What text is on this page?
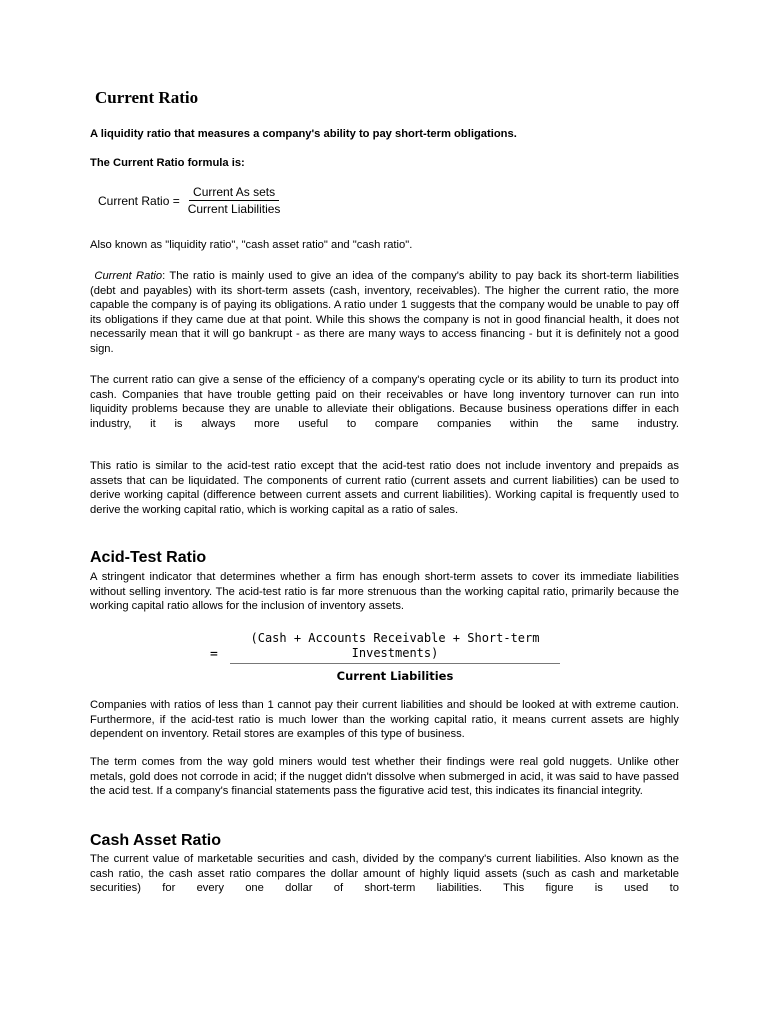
Current Ratio

A liquidity ratio that measures a company's ability to pay short-term obligations.

The Current Ratio formula is:

Current Ratio = $\frac{\text{Current As sets}}{\text{Current Liabilities}}$

Also known as "liquidity ratio", "cash asset ratio" and "cash ratio".

Current Ratio: The ratio is mainly used to give an idea of the company's ability to pay back its short-term liabilities (debt and payables) with its short-term assets (cash, inventory, receivables). The higher the current ratio, the more capable the company is of paying its obligations. A ratio under 1 suggests that the company would be unable to pay off its obligations if they came due at that point. While this shows the company is not in good financial health, it does not necessarily mean that it will go bankrupt - as there are many ways to access financing - but it is definitely not a good sign.

The current ratio can give a sense of the efficiency of a company's operating cycle or its ability to turn its product into cash. Companies that have trouble getting paid on their receivables or have long inventory turnover can run into liquidity problems because they are unable to alleviate their obligations. Because business operations differ in each industry, it is always more useful to compare companies within the same industry.

This ratio is similar to the acid-test ratio except that the acid-test ratio does not include inventory and prepaids as assets that can be liquidated. The components of current ratio (current assets and current liabilities) can be used to derive working capital (difference between current assets and current liabilities). Working capital is frequently used to derive the working capital ratio, which is working capital as a ratio of sales.

Acid-Test Ratio

A stringent indicator that determines whether a firm has enough short-term assets to cover its immediate liabilities without selling inventory. The acid-test ratio is far more strenuous than the working capital ratio, primarily because the working capital ratio allows for the inclusion of inventory assets.

=
(Cash + Accounts Receivable + Short-term
Investments)
Current Liabilities

Companies with ratios of less than 1 cannot pay their current liabilities and should be looked at with extreme caution. Furthermore, if the acid-test ratio is much lower than the working capital ratio, it means current assets are highly dependent on inventory. Retail stores are examples of this type of business.

The term comes from the way gold miners would test whether their findings were real gold nuggets. Unlike other metals, gold does not corrode in acid; if the nugget didn't dissolve when submerged in acid, it was said to have passed the acid test. If a company's financial statements pass the figurative acid test, this indicates its financial integrity.

Cash Asset Ratio

The current value of marketable securities and cash, divided by the company's current liabilities. Also known as the cash ratio, the cash asset ratio compares the dollar amount of highly liquid assets (such as cash and marketable securities) for every one dollar of short-term liabilities. This figure is used to
